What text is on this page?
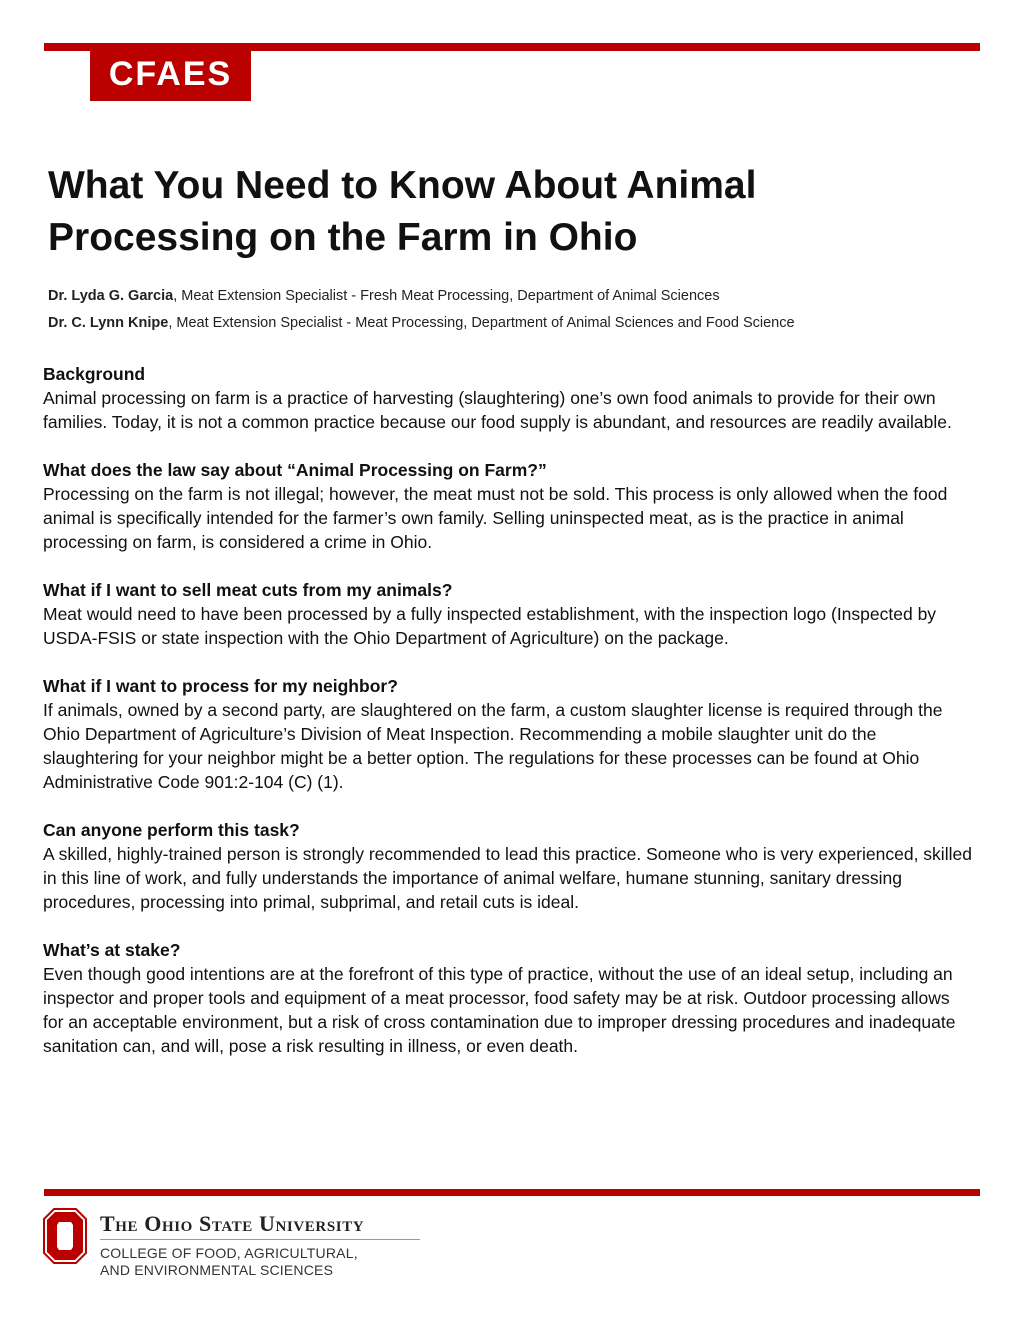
CFAES
What You Need to Know About Animal Processing on the Farm in Ohio
Dr. Lyda G. Garcia, Meat Extension Specialist - Fresh Meat Processing, Department of Animal Sciences
Dr. C. Lynn Knipe, Meat Extension Specialist - Meat Processing, Department of Animal Sciences and Food Science
Background

Animal processing on farm is a practice of harvesting (slaughtering) one’s own food animals to provide for their own families. Today, it is not a common practice because our food supply is abundant, and resources are readily available.

What does the law say about “Animal Processing on Farm?”

Processing on the farm is not illegal; however, the meat must not be sold. This process is only allowed when the food animal is specifically intended for the farmer’s own family. Selling uninspected meat, as is the practice in animal processing on farm, is considered a crime in Ohio.

What if I want to sell meat cuts from my animals?

Meat would need to have been processed by a fully inspected establishment, with the inspection logo (Inspected by USDA-FSIS or state inspection with the Ohio Department of Agriculture) on the package.

What if I want to process for my neighbor?

If animals, owned by a second party, are slaughtered on the farm, a custom slaughter license is required through the Ohio Department of Agriculture’s Division of Meat Inspection. Recommending a mobile slaughter unit do the slaughtering for your neighbor might be a better option. The regulations for these processes can be found at Ohio Administrative Code 901:2-104 (C) (1).

Can anyone perform this task?

A skilled, highly-trained person is strongly recommended to lead this practice. Someone who is very experienced, skilled in this line of work, and fully understands the importance of animal welfare, humane stunning, sanitary dressing procedures, processing into primal, subprimal, and retail cuts is ideal.

What’s at stake?

Even though good intentions are at the forefront of this type of practice, without the use of an ideal setup, including an inspector and proper tools and equipment of a meat processor, food safety may be at risk. Outdoor processing allows for an acceptable environment, but a risk of cross contamination due to improper dressing procedures and inadequate sanitation can, and will, pose a risk resulting in illness, or even death.

The Ohio State University
COLLEGE OF FOOD, AGRICULTURAL,
AND ENVIRONMENTAL SCIENCES
